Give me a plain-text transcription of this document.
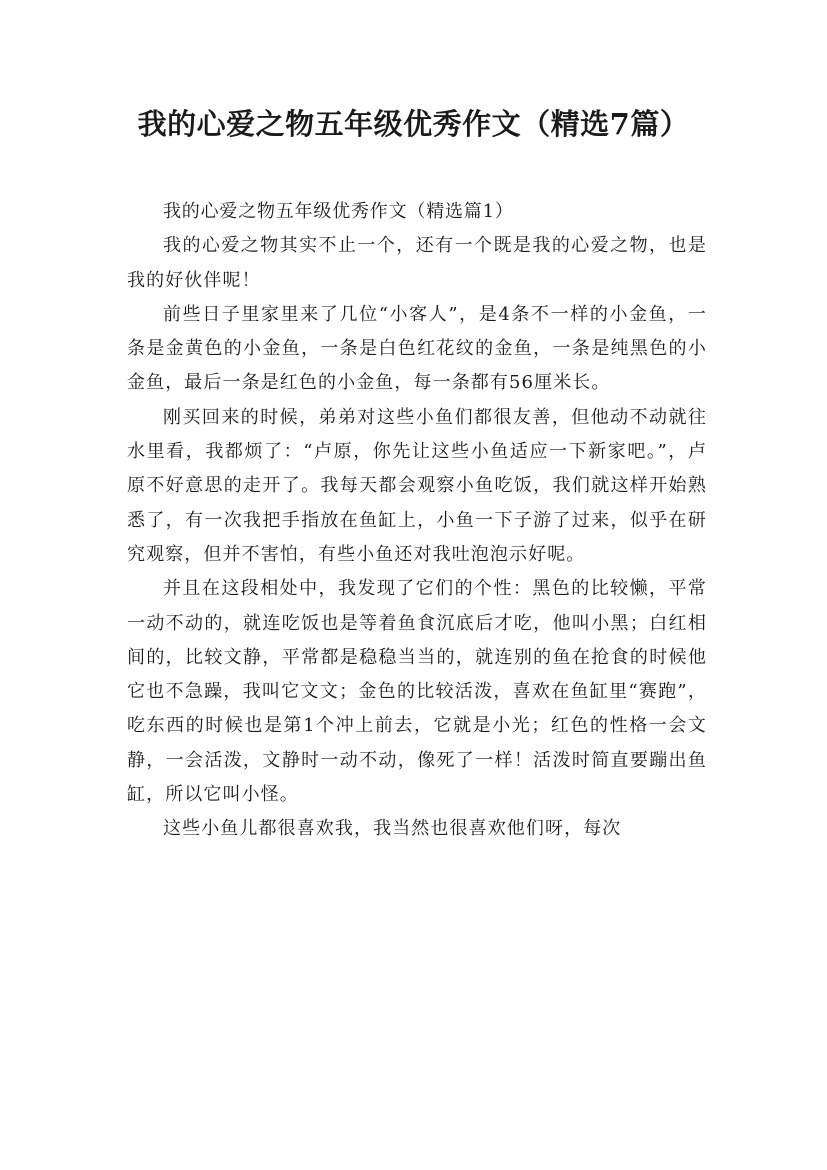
我的心爱之物五年级优秀作文（精选7篇）

我的心爱之物五年级优秀作文（精选篇1）

我的心爱之物其实不止一个，还有一个既是我的心爱之物，也是我的好伙伴呢！

前些日子里家里来了几位“小客人”，是4条不一样的小金鱼，一条是金黄色的小金鱼，一条是白色红花纹的金鱼，一条是纯黑色的小金鱼，最后一条是红色的小金鱼，每一条都有56厘米长。

刚买回来的时候，弟弟对这些小鱼们都很友善，但他动不动就往水里看，我都烦了：“卢原，你先让这些小鱼适应一下新家吧。”，卢原不好意思的走开了。我每天都会观察小鱼吃饭，我们就这样开始熟悉了，有一次我把手指放在鱼缸上，小鱼一下子游了过来，似乎在研究观察，但并不害怕，有些小鱼还对我吐泡泡示好呢。

并且在这段相处中，我发现了它们的个性：黑色的比较懒，平常一动不动的，就连吃饭也是等着鱼食沉底后才吃，他叫小黑；白红相间的，比较文静，平常都是稳稳当当的，就连别的鱼在抢食的时候他它也不急躁，我叫它文文；金色的比较活泼，喜欢在鱼缸里“赛跑”，吃东西的时候也是第1个冲上前去，它就是小光；红色的性格一会文静，一会活泼，文静时一动不动，像死了一样！活泼时简直要蹦出鱼缸，所以它叫小怪。

这些小鱼儿都很喜欢我，我当然也很喜欢他们呀，每次
